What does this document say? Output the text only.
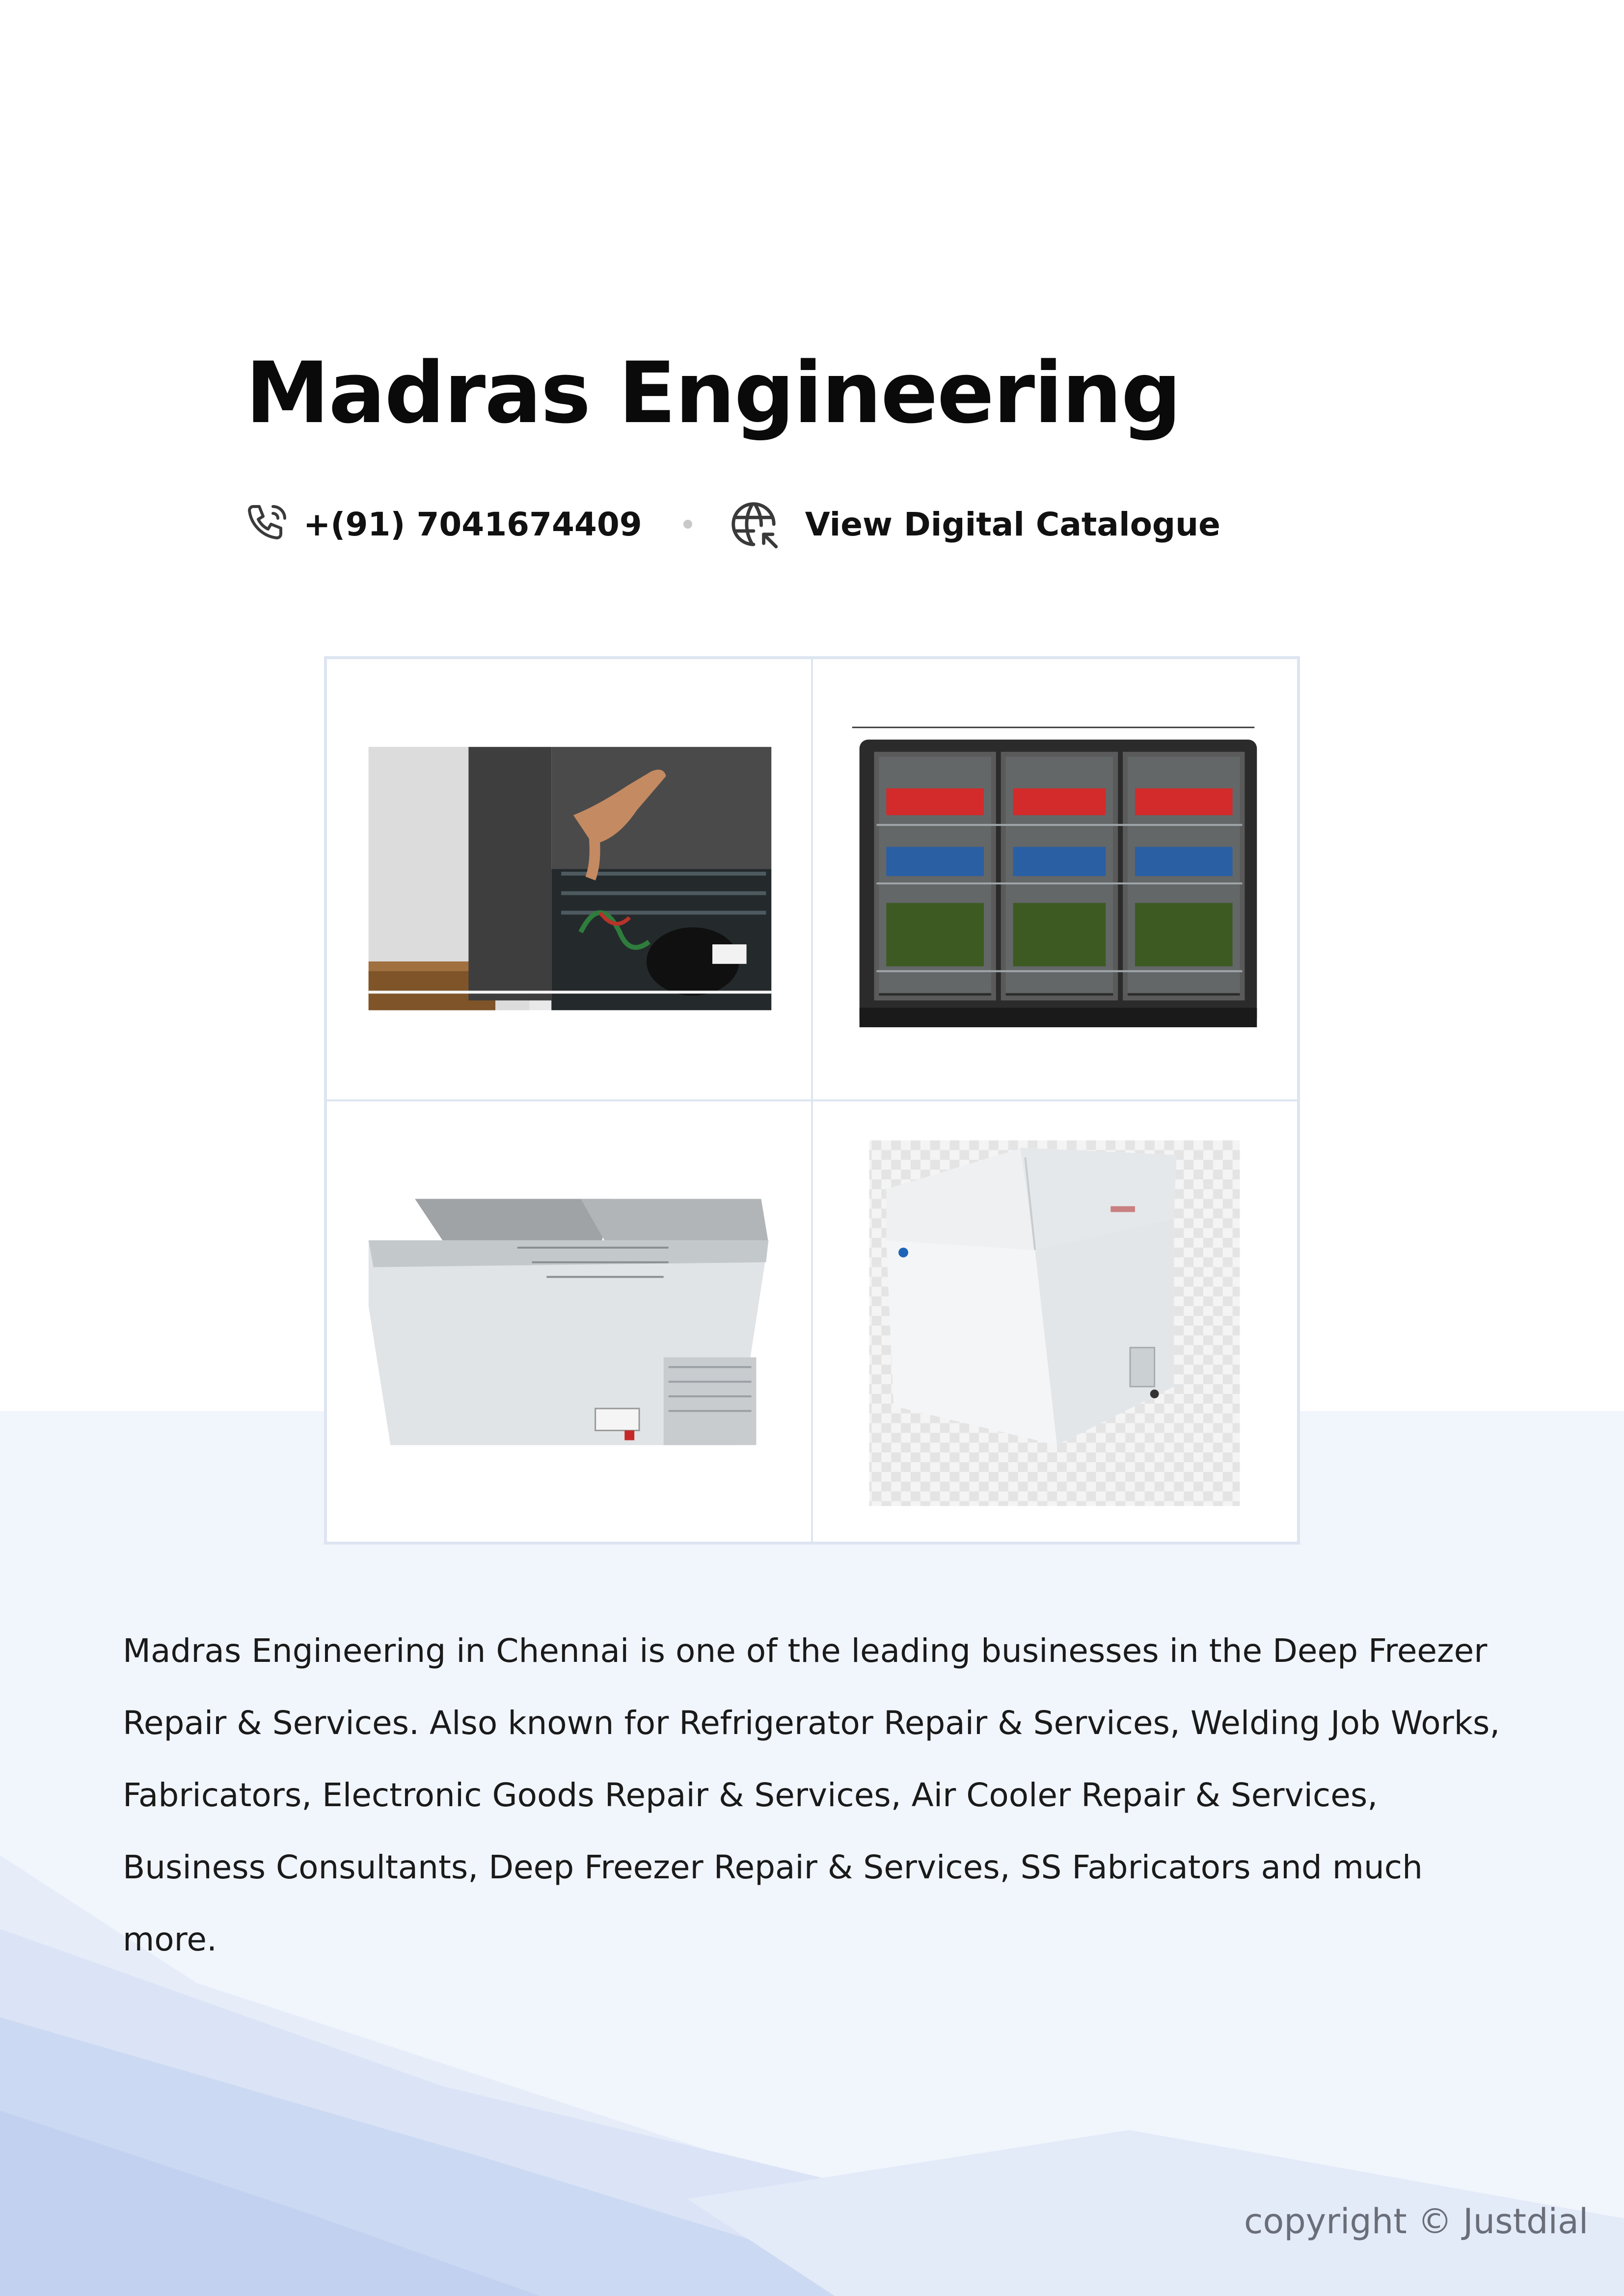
Madras Engineering
+(91) 7041674409	View Digital Catalogue

Madras Engineering in Chennai is one of the leading businesses in the Deep Freezer Repair & Services. Also known for Refrigerator Repair & Services, Welding Job Works, Fabricators, Electronic Goods Repair & Services, Air Cooler Repair & Services, Business Consultants, Deep Freezer Repair & Services, SS Fabricators and much more.

copyright © Justdial
